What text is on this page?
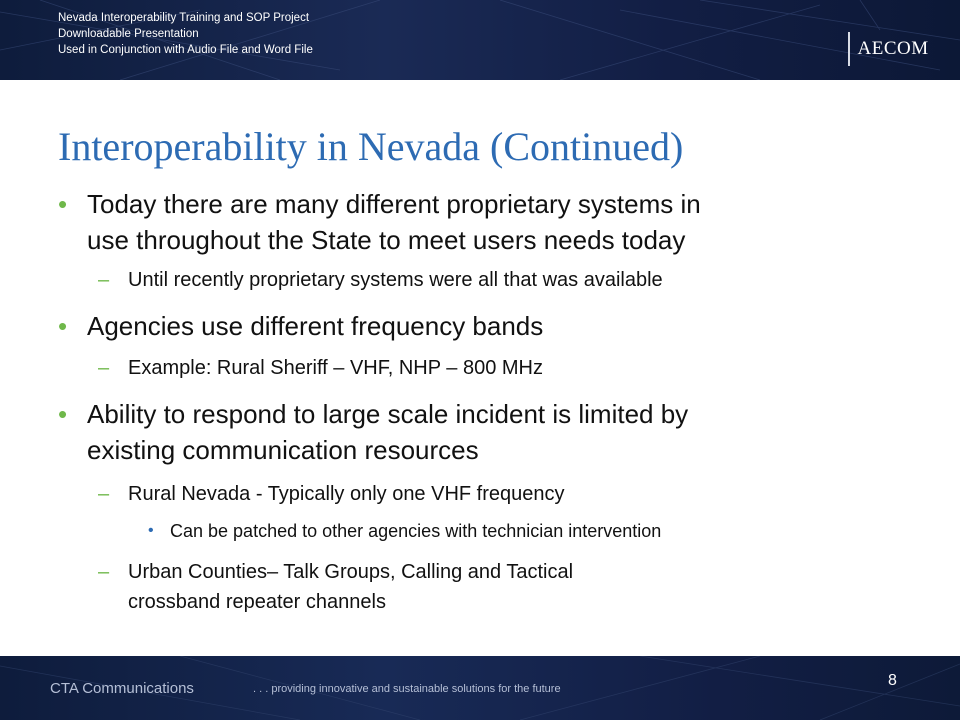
Nevada Interoperability Training and SOP Project
Downloadable Presentation
Used in Conjunction with Audio File and Word File	AECOM
Interoperability in Nevada (Continued)
• Today there are many different proprietary systems in
use throughout the State to meet users needs today
– Until recently proprietary systems were all that was available
• Agencies use different frequency bands
– Example: Rural Sheriff – VHF, NHP – 800 MHz
• Ability to respond to large scale incident is limited by
existing communication resources
– Rural Nevada - Typically only one VHF frequency
• Can be patched to other agencies with technician intervention
– Urban Counties– Talk Groups, Calling and Tactical
crossband repeater channels
CTA Communications	. . . providing innovative and sustainable solutions for the future	8
